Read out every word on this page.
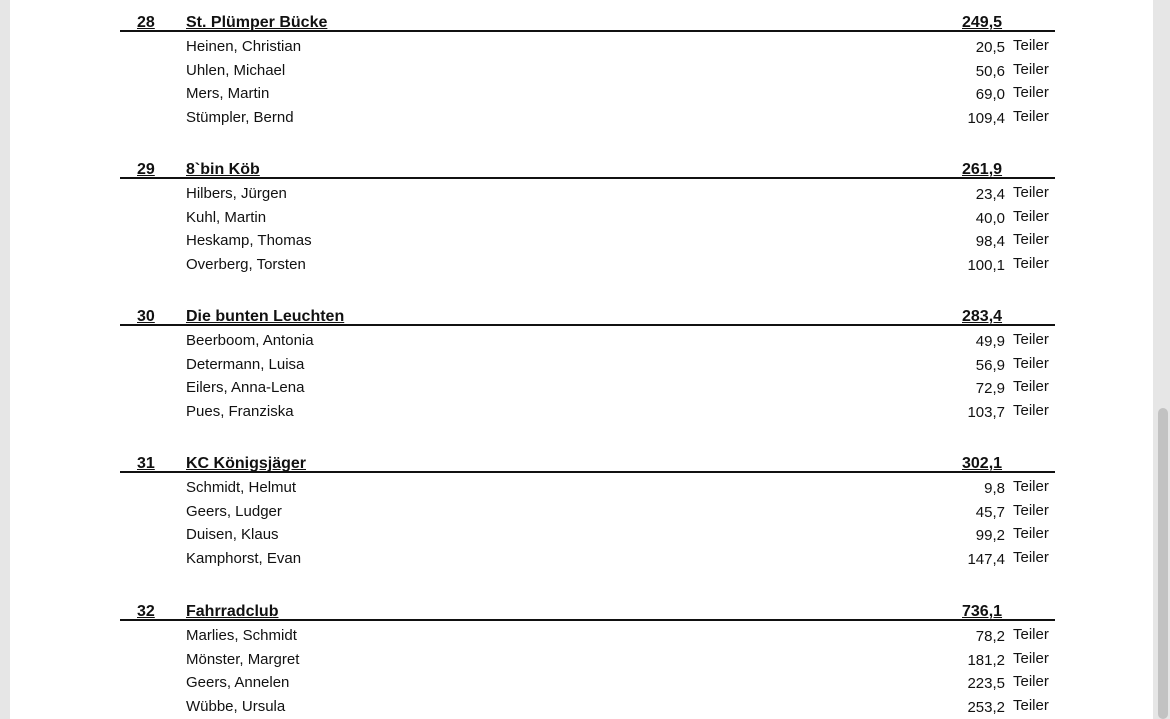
28 St. Plümper Bücke	249,5
Heinen, Christian	20,5 Teiler
Uhlen, Michael	50,6 Teiler
Mers, Martin	69,0 Teiler
Stümpler, Bernd	109,4 Teiler
29 8`bin Köb	261,9
Hilbers, Jürgen	23,4 Teiler
Kuhl, Martin	40,0 Teiler
Heskamp, Thomas	98,4 Teiler
Overberg, Torsten	100,1 Teiler
30 Die bunten Leuchten	283,4
Beerboom, Antonia	49,9 Teiler
Determann, Luisa	56,9 Teiler
Eilers, Anna-Lena	72,9 Teiler
Pues, Franziska	103,7 Teiler
31 KC Königsjäger	302,1
Schmidt, Helmut	9,8 Teiler
Geers, Ludger	45,7 Teiler
Duisen, Klaus	99,2 Teiler
Kamphorst, Evan	147,4 Teiler
32 Fahrradclub	736,1
Marlies, Schmidt	78,2 Teiler
Mönster, Margret	181,2 Teiler
Geers, Annelen	223,5 Teiler
Wübbe, Ursula	253,2 Teiler
